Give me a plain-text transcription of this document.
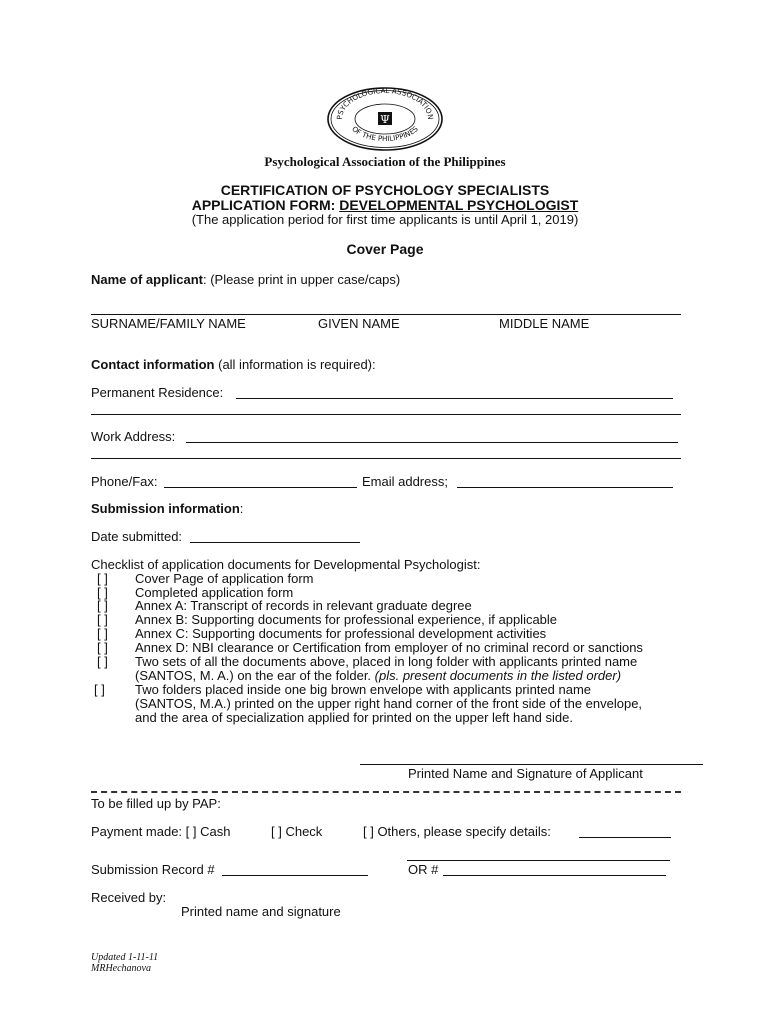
PSYCHOLOGICAL ASSOCIATION
OF THE PHILIPPINES
Ψ
Psychological Association of the Philippines
CERTIFICATION OF PSYCHOLOGY SPECIALISTS
APPLICATION FORM: DEVELOPMENTAL PSYCHOLOGIST
(The application period for first time applicants is until April 1, 2019)
Cover Page
Name of applicant: (Please print in upper case/caps)
SURNAME/FAMILY NAME	GIVEN NAME	MIDDLE NAME
Contact information (all information is required):
Permanent Residence:
Work Address:
Phone/Fax:	Email address;
Submission information:
Date submitted:
Checklist of application documents for Developmental Psychologist:
[ ] Cover Page of application form
[ ] Completed application form
[ ] Annex A: Transcript of records in relevant graduate degree
[ ] Annex B: Supporting documents for professional experience, if applicable
[ ] Annex C: Supporting documents for professional development activities
[ ] Annex D: NBI clearance or Certification from employer of no criminal record or sanctions
[ ] Two sets of all the documents above, placed in long folder with applicants printed name
(SANTOS, M. A.) on the ear of the folder. (pls. present documents in the listed order)
[ ] Two folders placed inside one big brown envelope with applicants printed name
(SANTOS, M.A.) printed on the upper right hand corner of the front side of the envelope,
and the area of specialization applied for printed on the upper left hand side.
Printed Name and Signature of Applicant
To be filled up by PAP:
Payment made: [ ] Cash	[ ] Check	[ ] Others, please specify details:
Submission Record #	OR #
Received by:
Printed name and signature
Updated 1-11-11
MRHechanova
